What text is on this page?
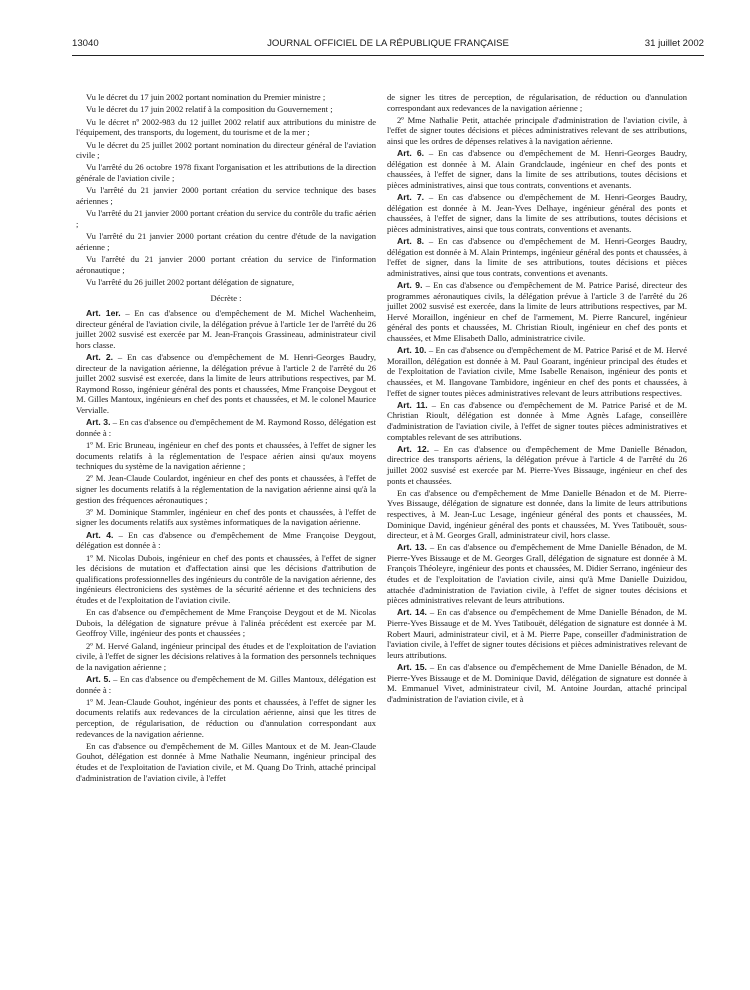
13040	JOURNAL OFFICIEL DE LA RÉPUBLIQUE FRANÇAISE	31 juillet 2002

Vu le décret du 17 juin 2002 portant nomination du Premier ministre ;

Vu le décret du 17 juin 2002 relatif à la composition du Gouvernement ;

Vu le décret nº 2002-983 du 12 juillet 2002 relatif aux attributions du ministre de l'équipement, des transports, du logement, du tourisme et de la mer ;

Vu le décret du 25 juillet 2002 portant nomination du directeur général de l'aviation civile ;

Vu l'arrêté du 26 octobre 1978 fixant l'organisation et les attributions de la direction générale de l'aviation civile ;

Vu l'arrêté du 21 janvier 2000 portant création du service technique des bases aériennes ;

Vu l'arrêté du 21 janvier 2000 portant création du service du contrôle du trafic aérien ;

Vu l'arrêté du 21 janvier 2000 portant création du centre d'étude de la navigation aérienne ;

Vu l'arrêté du 21 janvier 2000 portant création du service de l'information aéronautique ;

Vu l'arrêté du 26 juillet 2002 portant délégation de signature,

Décrète :

Art. 1er. – En cas d'absence ou d'empêchement de M. Michel Wachenheim, directeur général de l'aviation civile, la délégation prévue à l'article 1er de l'arrêté du 26 juillet 2002 susvisé est exercée par M. Jean-François Grassineau, administrateur civil hors classe.

Art. 2. – En cas d'absence ou d'empêchement de M. Henri-Georges Baudry, directeur de la navigation aérienne, la délégation prévue à l'article 2 de l'arrêté du 26 juillet 2002 susvisé est exercée, dans la limite de leurs attributions respectives, par M. Raymond Rosso, ingénieur général des ponts et chaussées, Mme Françoise Deygout et M. Gilles Mantoux, ingénieurs en chef des ponts et chaussées, et M. le colonel Maurice Vervialle.

Art. 3. – En cas d'absence ou d'empêchement de M. Raymond Rosso, délégation est donnée à :

1º M. Eric Bruneau, ingénieur en chef des ponts et chaussées, à l'effet de signer les documents relatifs à la réglementation de l'espace aérien ainsi qu'aux moyens techniques du système de la navigation aérienne ;

2º M. Jean-Claude Coulardot, ingénieur en chef des ponts et chaussées, à l'effet de signer les documents relatifs à la réglementation de la navigation aérienne ainsi qu'à la gestion des fréquences aéronautiques ;

3º M. Dominique Stammler, ingénieur en chef des ponts et chaussées, à l'effet de signer les documents relatifs aux systèmes informatiques de la navigation aérienne.

Art. 4. – En cas d'absence ou d'empêchement de Mme Françoise Deygout, délégation est donnée à :

1º M. Nicolas Dubois, ingénieur en chef des ponts et chaussées, à l'effet de signer les décisions de mutation et d'affectation ainsi que les décisions d'attribution de qualifications professionnelles des ingénieurs du contrôle de la navigation aérienne, des ingénieurs électroniciens des systèmes de la sécurité aérienne et des techniciens des études et de l'exploitation de l'aviation civile.

En cas d'absence ou d'empêchement de Mme Françoise Deygout et de M. Nicolas Dubois, la délégation de signature prévue à l'alinéa précédent est exercée par M. Geoffroy Ville, ingénieur des ponts et chaussées ;

2º M. Hervé Galand, ingénieur principal des études et de l'exploitation de l'aviation civile, à l'effet de signer les décisions relatives à la formation des personnels techniques de la navigation aérienne ;

Art. 5. – En cas d'absence ou d'empêchement de M. Gilles Mantoux, délégation est donnée à :

1º M. Jean-Claude Gouhot, ingénieur des ponts et chaussées, à l'effet de signer les documents relatifs aux redevances de la circulation aérienne, ainsi que les titres de perception, de régularisation, de réduction ou d'annulation correspondant aux redevances de la navigation aérienne.

En cas d'absence ou d'empêchement de M. Gilles Mantoux et de M. Jean-Claude Gouhot, délégation est donnée à Mme Nathalie Neumann, ingénieur principal des études et de l'exploitation de l'aviation civile, et M. Quang Do Trinh, attaché principal d'administration de l'aviation civile, à l'effet

de signer les titres de perception, de régularisation, de réduction ou d'annulation correspondant aux redevances de la navigation aérienne ;

2º Mme Nathalie Petit, attachée principale d'administration de l'aviation civile, à l'effet de signer toutes décisions et pièces administratives relevant de ses attributions, ainsi que les ordres de dépenses relatives à la navigation aérienne.

Art. 6. – En cas d'absence ou d'empêchement de M. Henri-Georges Baudry, délégation est donnée à M. Alain Grandclaude, ingénieur en chef des ponts et chaussées, à l'effet de signer, dans la limite de ses attributions, toutes décisions et pièces administratives, ainsi que tous contrats, conventions et avenants.

Art. 7. – En cas d'absence ou d'empêchement de M. Henri-Georges Baudry, délégation est donnée à M. Jean-Yves Delhaye, ingénieur général des ponts et chaussées, à l'effet de signer, dans la limite de ses attributions, toutes décisions et pièces administratives, ainsi que tous contrats, conventions et avenants.

Art. 8. – En cas d'absence ou d'empêchement de M. Henri-Georges Baudry, délégation est donnée à M. Alain Printemps, ingénieur général des ponts et chaussées, à l'effet de signer, dans la limite de ses attributions, toutes décisions et pièces administratives, ainsi que tous contrats, conventions et avenants.

Art. 9. – En cas d'absence ou d'empêchement de M. Patrice Parisé, directeur des programmes aéronautiques civils, la délégation prévue à l'article 3 de l'arrêté du 26 juillet 2002 susvisé est exercée, dans la limite de leurs attributions respectives, par M. Hervé Moraillon, ingénieur en chef de l'armement, M. Pierre Rancurel, ingénieur général des ponts et chaussées, M. Christian Rioult, ingénieur en chef des ponts et chaussées, et Mme Elisabeth Dallo, administratrice civile.

Art. 10. – En cas d'absence ou d'empêchement de M. Patrice Parisé et de M. Hervé Moraillon, délégation est donnée à M. Paul Goarant, ingénieur principal des études et de l'exploitation de l'aviation civile, Mme Isabelle Renaison, ingénieur des ponts et chaussées, et M. Ilangovane Tambidore, ingénieur en chef des ponts et chaussées, à l'effet de signer toutes pièces administratives relevant de leurs attributions respectives.

Art. 11. – En cas d'absence ou d'empêchement de M. Patrice Parisé et de M. Christian Rioult, délégation est donnée à Mme Agnès Lafage, conseillère d'administration de l'aviation civile, à l'effet de signer toutes pièces administratives et comptables relevant de ses attributions.

Art. 12. – En cas d'absence ou d'empêchement de Mme Danielle Bénadon, directrice des transports aériens, la délégation prévue à l'article 4 de l'arrêté du 26 juillet 2002 susvisé est exercée par M. Pierre-Yves Bissauge, ingénieur en chef des ponts et chaussées.

En cas d'absence ou d'empêchement de Mme Danielle Bénadon et de M. Pierre-Yves Bissauge, délégation de signature est donnée, dans la limite de leurs attributions respectives, à M. Jean-Luc Lesage, ingénieur général des ponts et chaussées, M. Dominique David, ingénieur général des ponts et chaussées, M. Yves Tatibouët, sous-directeur, et à M. Georges Grall, administrateur civil, hors classe.

Art. 13. – En cas d'absence ou d'empêchement de Mme Danielle Bénadon, de M. Pierre-Yves Bissauge et de M. Georges Grall, délégation de signature est donnée à M. François Théoleyre, ingénieur des ponts et chaussées, M. Didier Serrano, ingénieur des études et de l'exploitation de l'aviation civile, ainsi qu'à Mme Danielle Duizidou, attachée d'administration de l'aviation civile, à l'effet de signer toutes décisions et pièces administratives relevant de leurs attributions.

Art. 14. – En cas d'absence ou d'empêchement de Mme Danielle Bénadon, de M. Pierre-Yves Bissauge et de M. Yves Tatibouët, délégation de signature est donnée à M. Robert Mauri, administrateur civil, et à M. Pierre Pape, conseiller d'administration de l'aviation civile, à l'effet de signer toutes décisions et pièces administratives relevant de leurs attributions.

Art. 15. – En cas d'absence ou d'empêchement de Mme Danielle Bénadon, de M. Pierre-Yves Bissauge et de M. Dominique David, délégation de signature est donnée à M. Emmanuel Vivet, administrateur civil, M. Antoine Jourdan, attaché principal d'administration de l'aviation civile, et à
